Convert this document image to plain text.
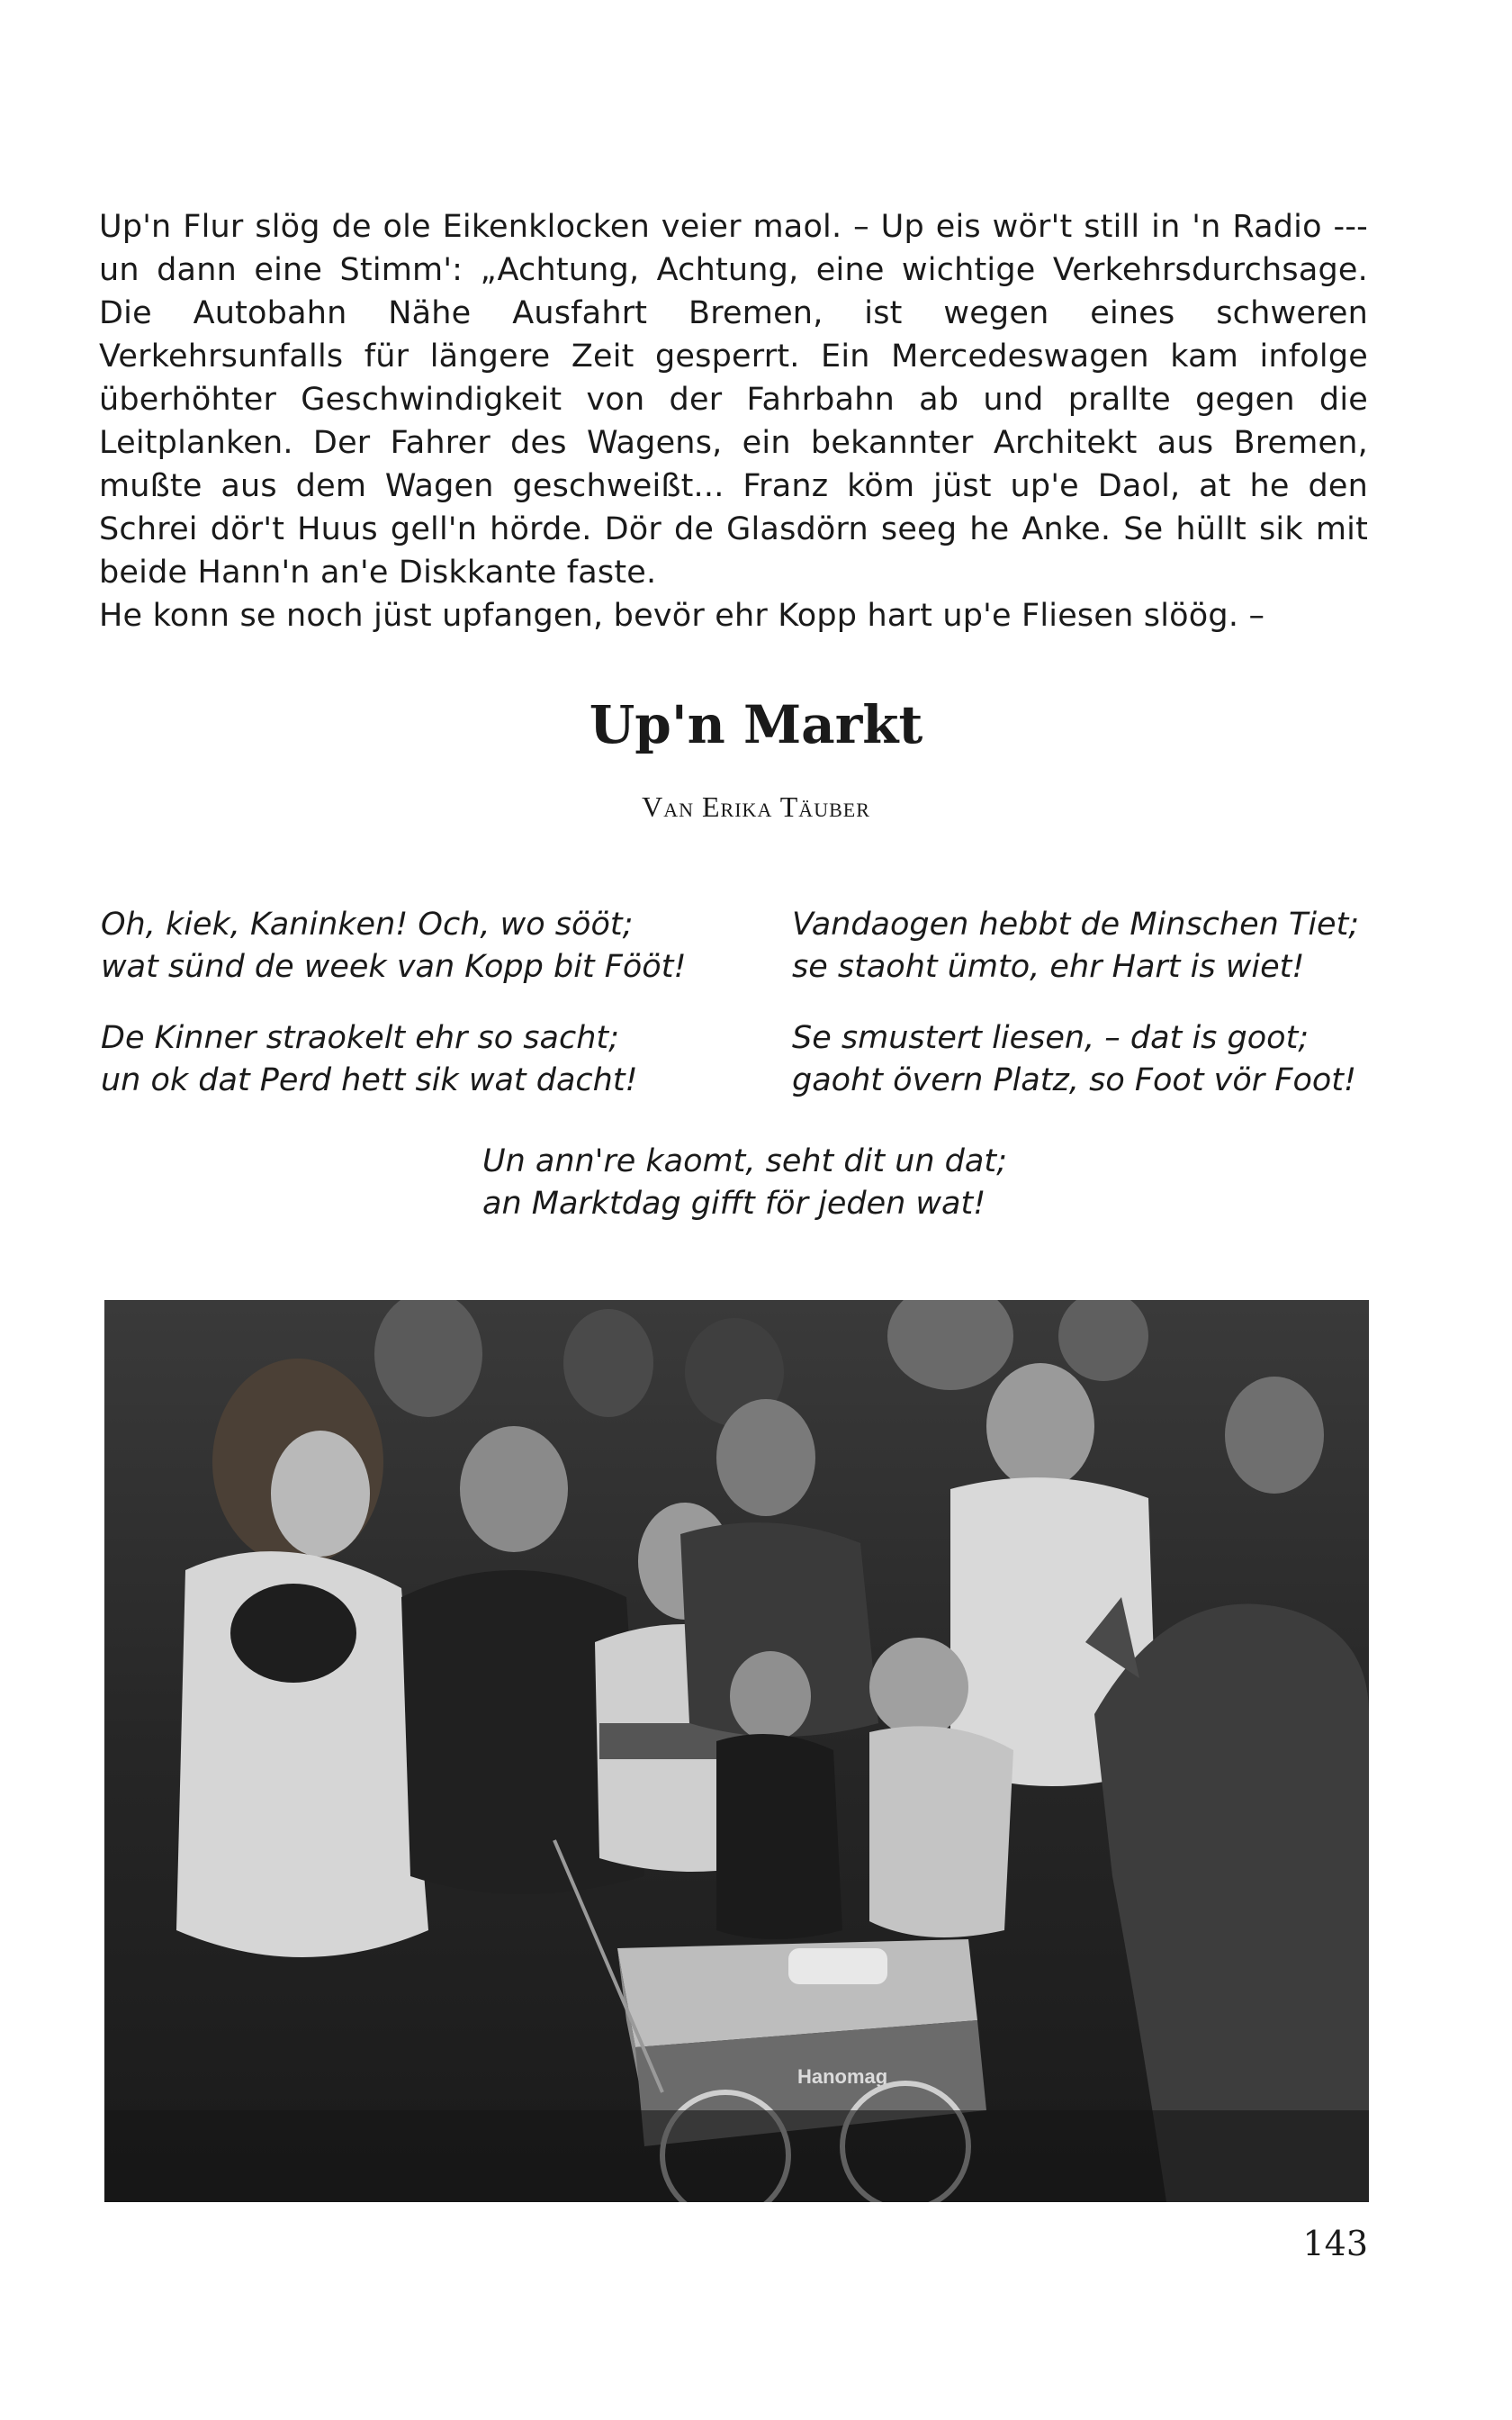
Up'n Flur slög de ole Eikenklocken veier maol. – Up eis wör't still in 'n Radio --- un dann eine Stimm': „Achtung, Achtung, eine wichtige Verkehrsdurchsage. Die Autobahn Nähe Ausfahrt Bremen, ist wegen eines schweren Verkehrsunfalls für längere Zeit gesperrt. Ein Mercedeswagen kam infolge überhöhter Geschwindigkeit von der Fahrbahn ab und prallte gegen die Leitplanken. Der Fahrer des Wagens, ein bekannter Architekt aus Bremen, mußte aus dem Wagen geschweißt... Franz köm jüst up'e Daol, at he den Schrei dör't Huus gell'n hörde. Dör de Glasdörn seeg he Anke. Se hüllt sik mit beide Hann'n an'e Diskkante faste.

He konn se noch jüst upfangen, bevör ehr Kopp hart up'e Fliesen slöög. –

Up'n Markt
Van Erika Täuber
Oh, kiek, Kaninken! Och, wo sööt;
wat sünd de week van Kopp bit Fööt!
Vandaogen hebbt de Minschen Tiet;
se staoht ümto, ehr Hart is wiet!
De Kinner straokelt ehr so sacht;
un ok dat Perd hett sik wat dacht!
Se smustert liesen, – dat is goot;
gaoht övern Platz, so Foot vör Foot!
Un ann're kaomt, seht dit un dat;
an Marktdag gifft för jeden wat!
Hanomag
143
